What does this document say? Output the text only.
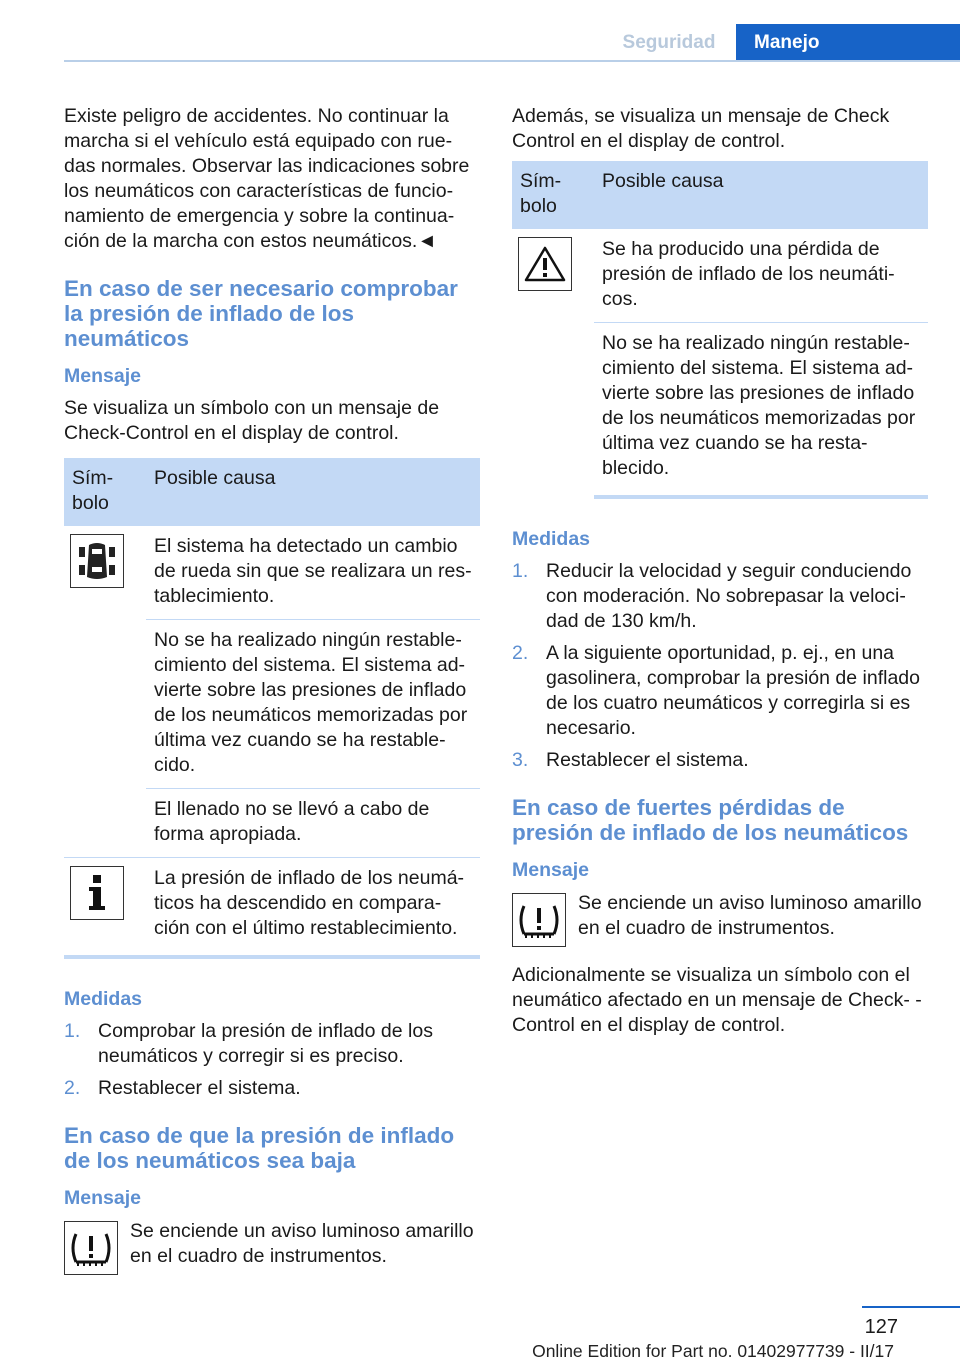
Seguridad	Manejo

Existe peligro de accidentes. No continuar la marcha si el vehículo está equipado con rue- das normales. Observar las indicaciones sobre los neumáticos con características de funcio- namiento de emergencia y sobre la continua- ción de la marcha con estos neumáticos.◄

En caso de ser necesario comprobar la presión de inflado de los neumáticos
Mensaje

Se visualiza un símbolo con un mensaje de Check-Control en el display de control.

Sím- bolo	Posible causa

	El sistema ha detectado un cambio de rueda sin que se realizara un res- tablecimiento.
	No se ha realizado ningún restable- cimiento del sistema. El sistema ad- vierte sobre las presiones de inflado de los neumáticos memorizadas por última vez cuando se ha restable- cido.
	El llenado no se llevó a cabo de forma apropiada.

	La presión de inflado de los neumá- ticos ha descendido en compara- ción con el último restablecimiento.
Medidas
1. Comprobar la presión de inflado de los neumáticos y corregir si es preciso.
2. Restablecer el sistema.
En caso de que la presión de inflado de los neumáticos sea baja
Mensaje

Se enciende un aviso luminoso amarillo en el cuadro de instrumentos.

Además, se visualiza un mensaje de Check Control en el display de control.

Sím- bolo	Posible causa

	Se ha producido una pérdida de presión de inflado de los neumáti- cos.
	No se ha realizado ningún restable- cimiento del sistema. El sistema ad- vierte sobre las presiones de inflado de los neumáticos memorizadas por última vez cuando se ha resta- blecido.
Medidas
1. Reducir la velocidad y seguir conduciendo con moderación. No sobrepasar la veloci- dad de 130 km/h.
2. A la siguiente oportunidad, p. ej., en una gasolinera, comprobar la presión de inflado de los cuatro neumáticos y corregirla si es necesario.
3. Restablecer el sistema.
En caso de fuertes pérdidas de presión de inflado de los neumáticos
Mensaje

Se enciende un aviso luminoso amarillo en el cuadro de instrumentos.

Adicionalmente se visualiza un símbolo con el neumático afectado en un mensaje de Check- -Control en el display de control.

127
Online Edition for Part no. 01402977739 - II/17
